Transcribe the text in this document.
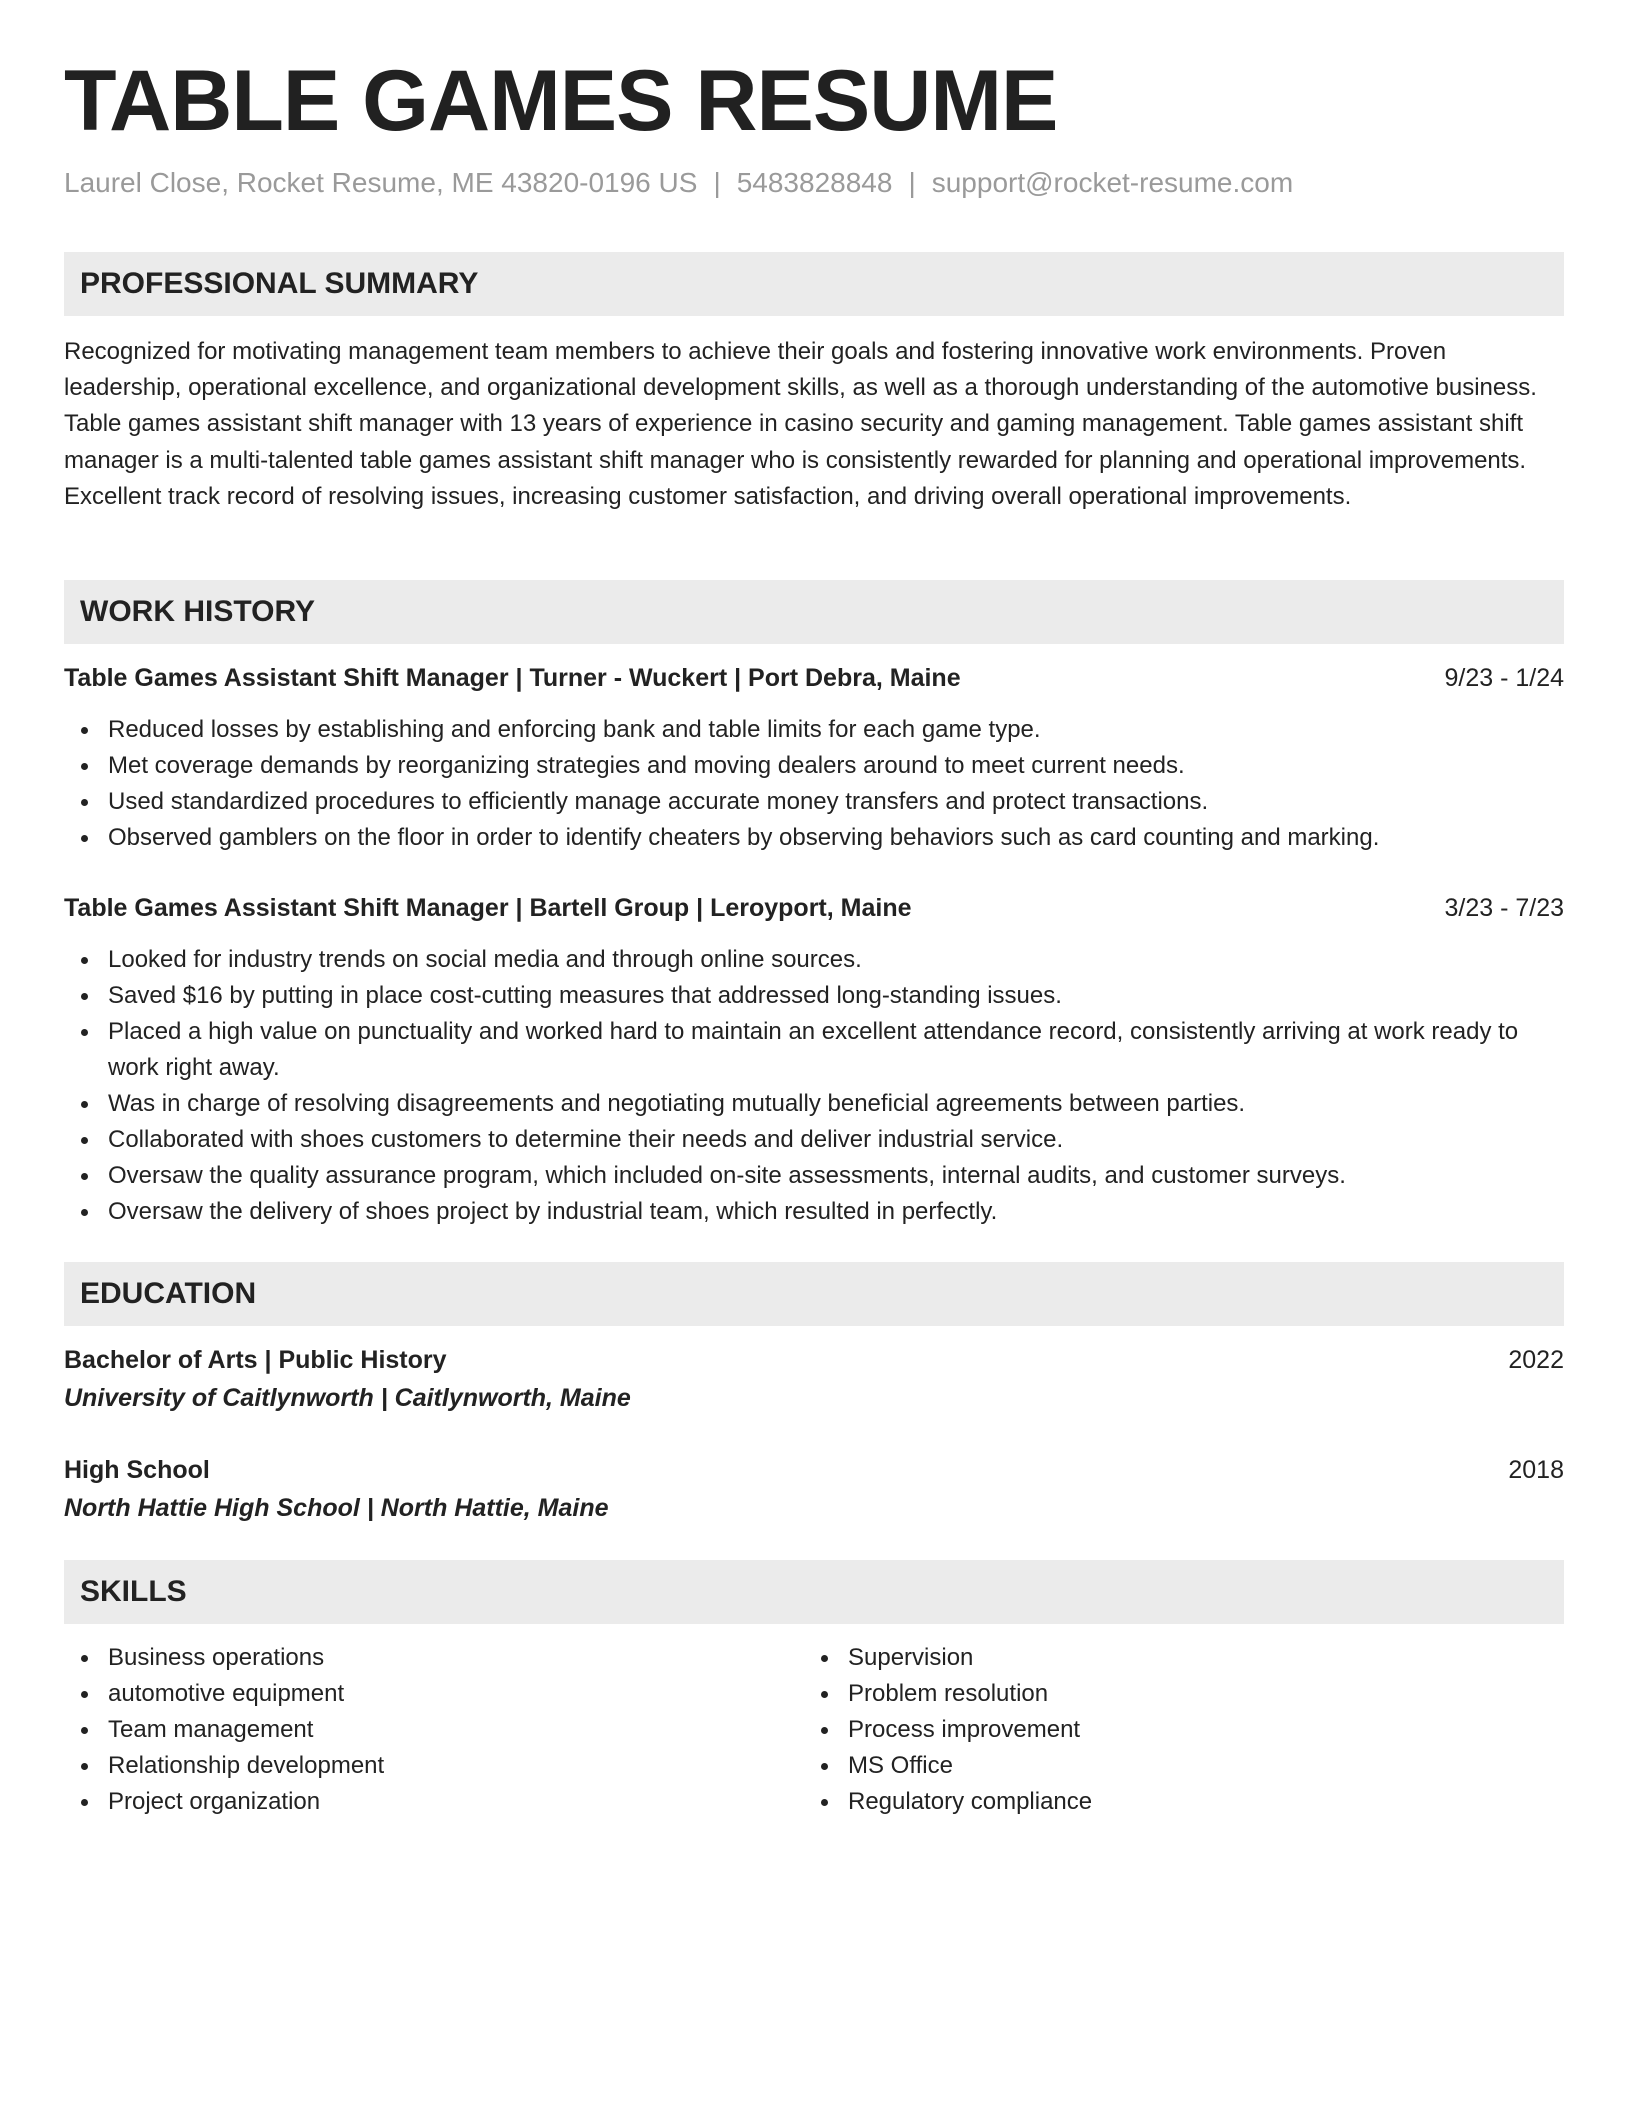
TABLE GAMES RESUME
Laurel Close, Rocket Resume, ME 43820-0196 US | 5483828848 | support@rocket-resume.com
PROFESSIONAL SUMMARY

Recognized for motivating management team members to achieve their goals and fostering innovative work environments. Proven leadership, operational excellence, and organizational development skills, as well as a thorough understanding of the automotive business. Table games assistant shift manager with 13 years of experience in casino security and gaming management. Table games assistant shift manager is a multi-talented table games assistant shift manager who is consistently rewarded for planning and operational improvements. Excellent track record of resolving issues, increasing customer satisfaction, and driving overall operational improvements.

WORK HISTORY
Table Games Assistant Shift Manager | Turner - Wuckert | Port Debra, Maine	9/23 - 1/24
Reduced losses by establishing and enforcing bank and table limits for each game type.
Met coverage demands by reorganizing strategies and moving dealers around to meet current needs.
Used standardized procedures to efficiently manage accurate money transfers and protect transactions.
Observed gamblers on the floor in order to identify cheaters by observing behaviors such as card counting and marking.
Table Games Assistant Shift Manager | Bartell Group | Leroyport, Maine	3/23 - 7/23
Looked for industry trends on social media and through online sources.
Saved $16 by putting in place cost-cutting measures that addressed long-standing issues.
Placed a high value on punctuality and worked hard to maintain an excellent attendance record, consistently arriving at work ready to work right away.
Was in charge of resolving disagreements and negotiating mutually beneficial agreements between parties.
Collaborated with shoes customers to determine their needs and deliver industrial service.
Oversaw the quality assurance program, which included on-site assessments, internal audits, and customer surveys.
Oversaw the delivery of shoes project by industrial team, which resulted in perfectly.
EDUCATION
Bachelor of Arts | Public History	2022
University of Caitlynworth | Caitlynworth, Maine
High School	2018
North Hattie High School | North Hattie, Maine
SKILLS
Business operations
automotive equipment
Team management
Relationship development
Project organization
Supervision
Problem resolution
Process improvement
MS Office
Regulatory compliance
